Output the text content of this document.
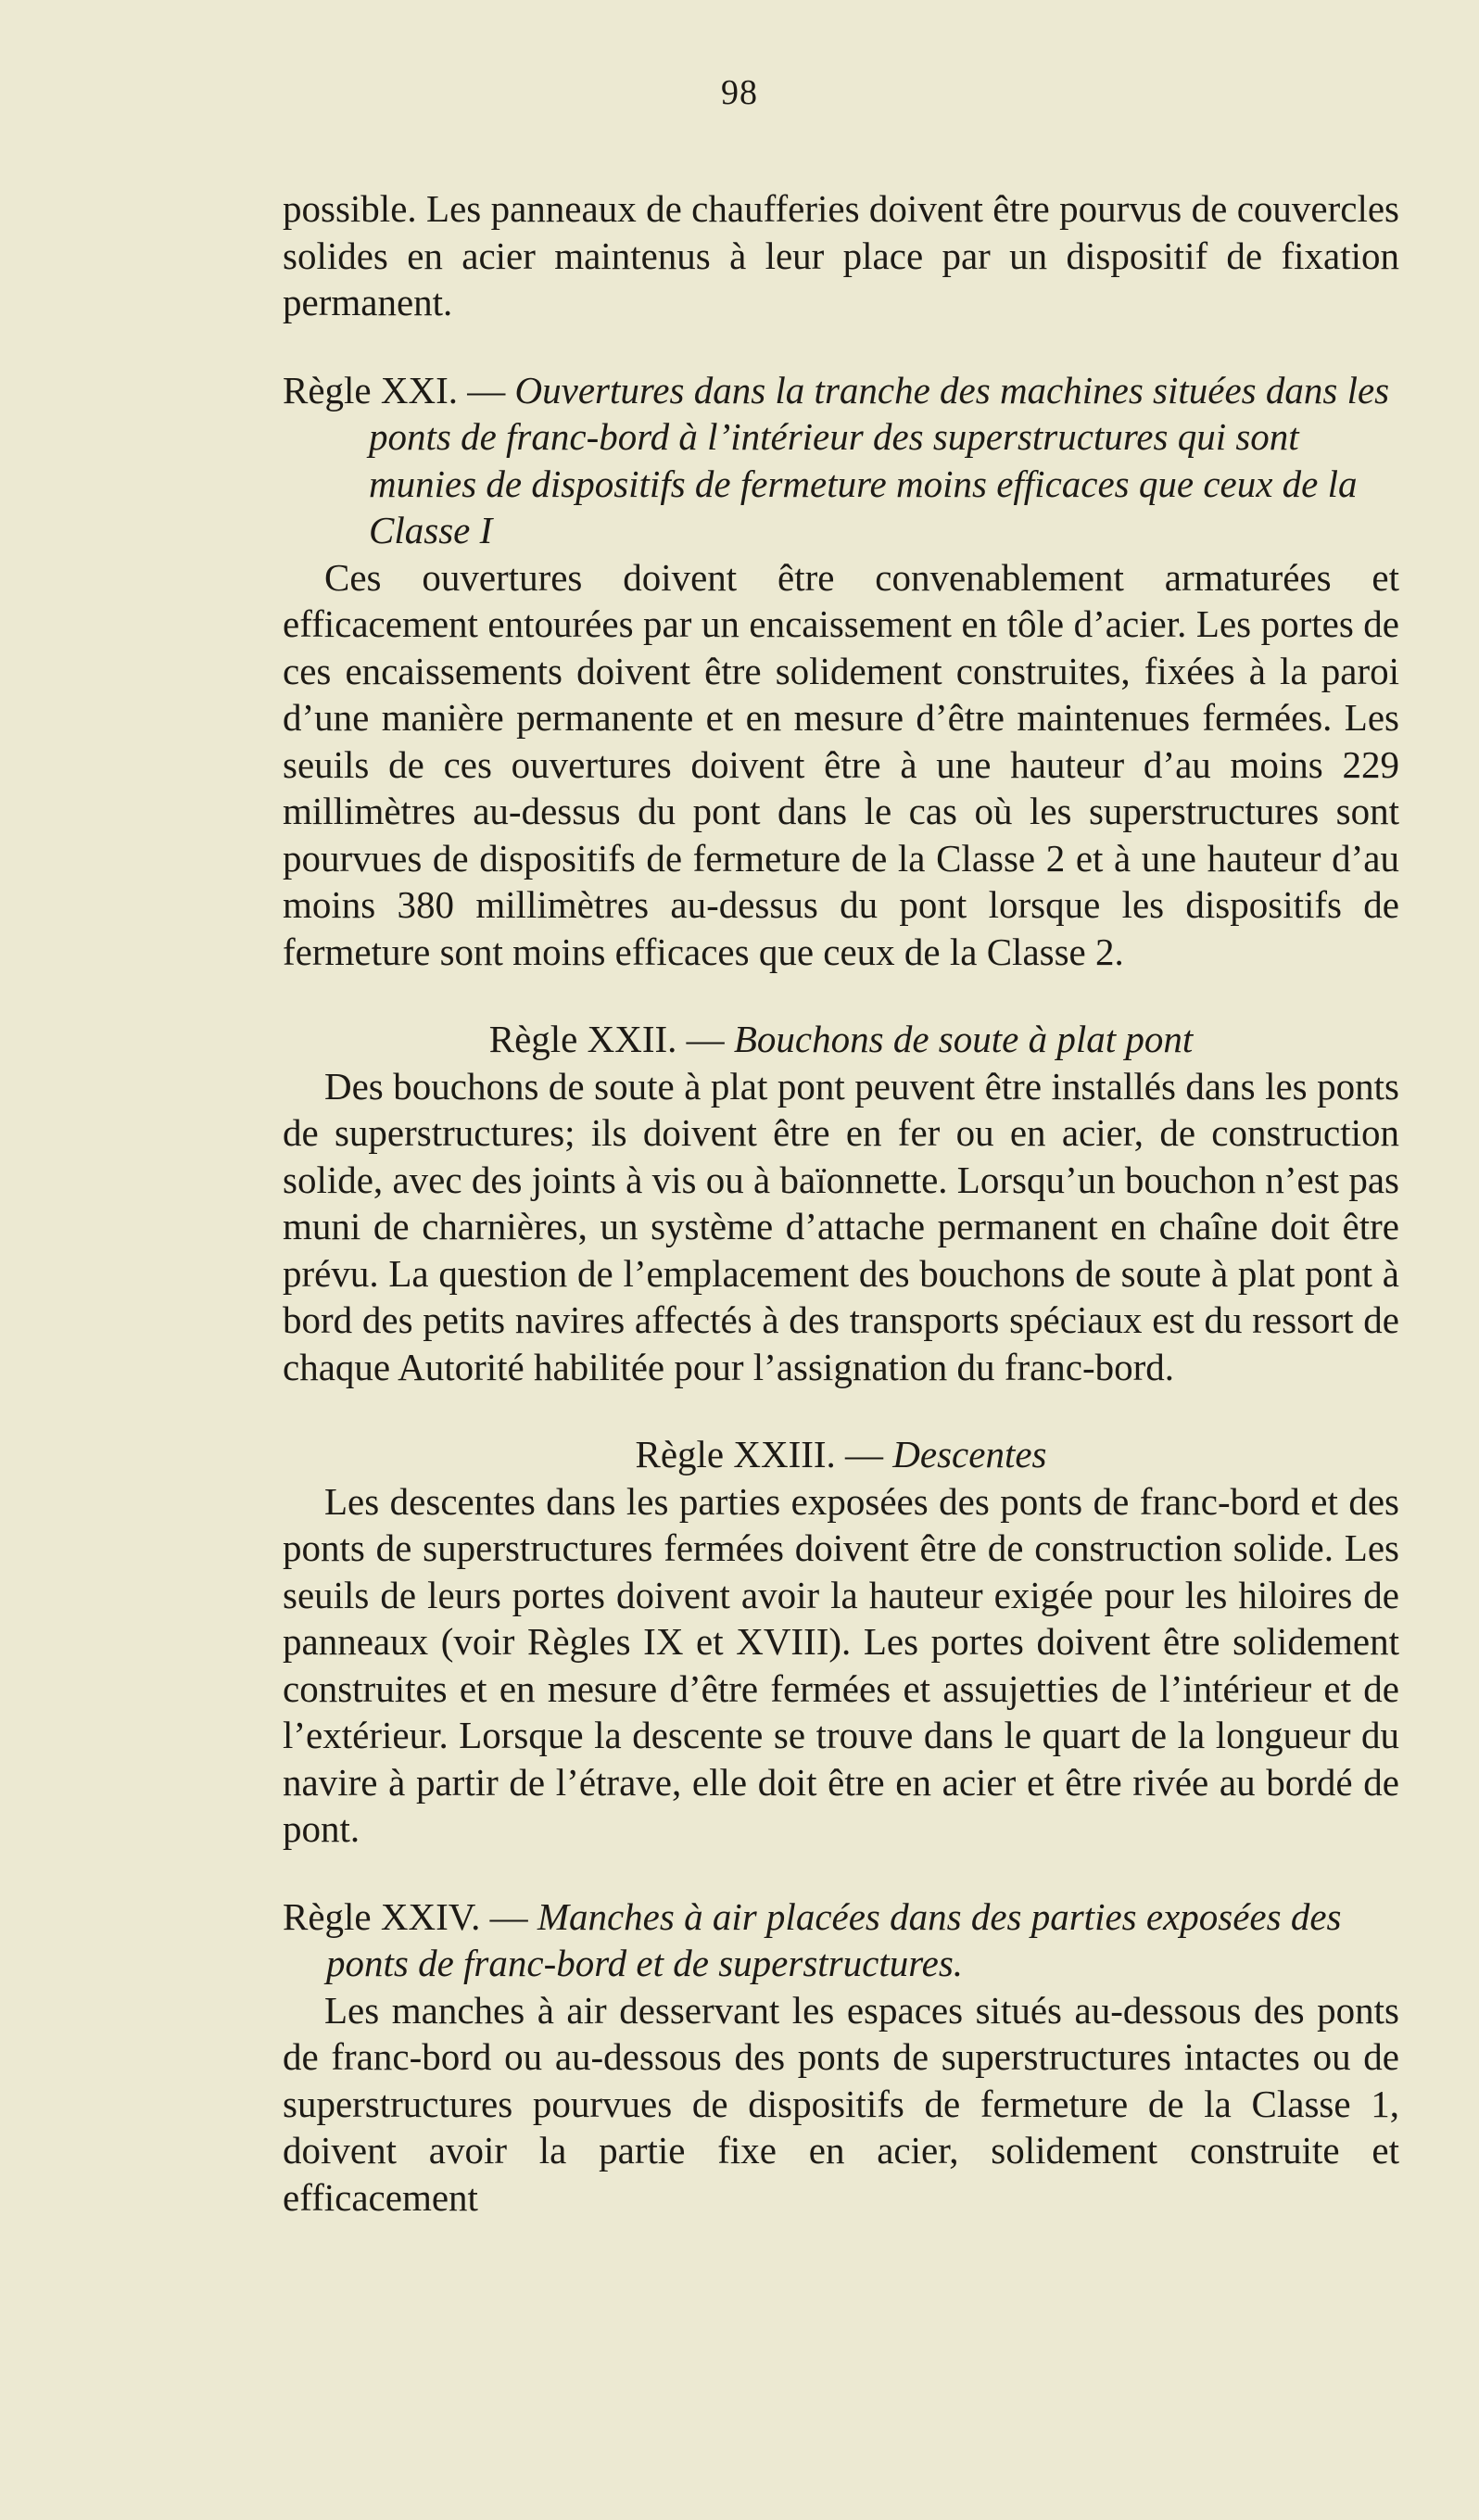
98

possible. Les panneaux de chaufferies doivent être pourvus de couvercles solides en acier maintenus à leur place par un dispositif de fixation permanent.

Règle XXI. — Ouvertures dans la tranche des machines situées dans les ponts de franc-bord à l’intérieur des superstructures qui sont munies de dispositifs de fermeture moins efficaces que ceux de la Classe I

Ces ouvertures doivent être convenablement armaturées et efficacement entourées par un encaissement en tôle d’acier. Les portes de ces encaissements doivent être solidement construites, fixées à la paroi d’une manière permanente et en mesure d’être maintenues fermées. Les seuils de ces ouvertures doivent être à une hauteur d’au moins 229 millimètres au-dessus du pont dans le cas où les superstructures sont pourvues de dispositifs de fermeture de la Classe 2 et à une hauteur d’au moins 380 millimètres au-dessus du pont lorsque les dispositifs de fermeture sont moins efficaces que ceux de la Classe 2.

Règle XXII. — Bouchons de soute à plat pont

Des bouchons de soute à plat pont peuvent être installés dans les ponts de superstructures; ils doivent être en fer ou en acier, de construction solide, avec des joints à vis ou à baïonnette. Lorsqu’un bouchon n’est pas muni de charnières, un système d’attache permanent en chaîne doit être prévu. La question de l’emplacement des bouchons de soute à plat pont à bord des petits navires affectés à des transports spéciaux est du ressort de chaque Autorité habilitée pour l’assignation du franc-bord.

Règle XXIII. — Descentes

Les descentes dans les parties exposées des ponts de franc-bord et des ponts de superstructures fermées doivent être de construction solide. Les seuils de leurs portes doivent avoir la hauteur exigée pour les hiloires de panneaux (voir Règles IX et XVIII). Les portes doivent être solidement construites et en mesure d’être fermées et assujetties de l’intérieur et de l’extérieur. Lorsque la descente se trouve dans le quart de la longueur du navire à partir de l’étrave, elle doit être en acier et être rivée au bordé de pont.

Règle XXIV. — Manches à air placées dans des parties exposées des ponts de franc-bord et de superstructures.

Les manches à air desservant les espaces situés au-dessous des ponts de franc-bord ou au-dessous des ponts de superstructures intactes ou de superstructures pourvues de dispositifs de fermeture de la Classe 1, doivent avoir la partie fixe en acier, solidement construite et efficacement
